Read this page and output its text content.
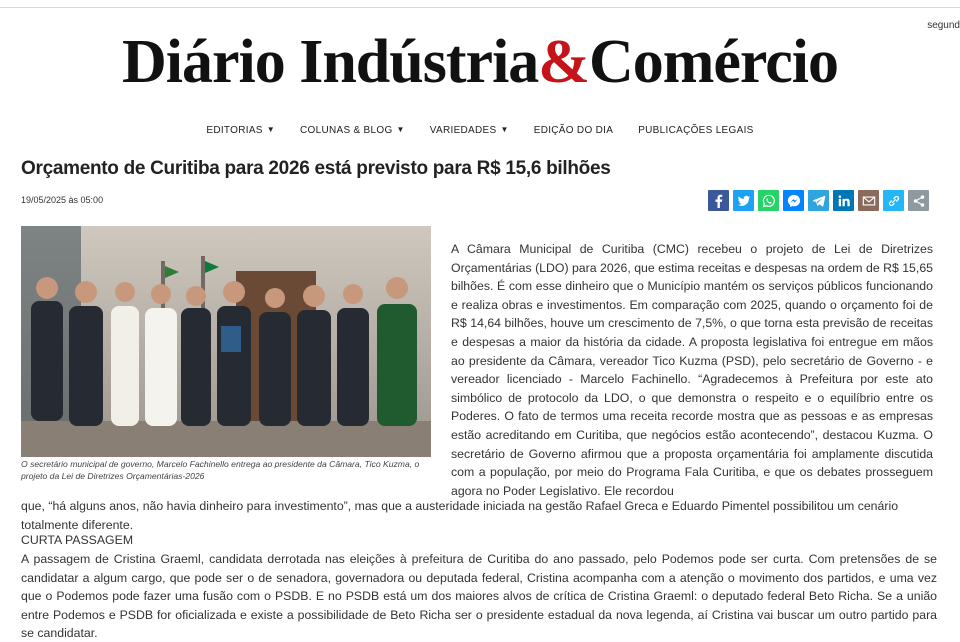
segund
Diário Indústria&Comércio
EDITORIAS ▼	COLUNAS & BLOG ▼	VARIEDADES ▼	EDIÇÃO DO DIA	PUBLICAÇÕES LEGAIS
Orçamento de Curitiba para 2026 está previsto para R$ 15,6 bilhões
19/05/2025 às 05:00
O secretário municipal de governo, Marcelo Fachinello entrega ao presidente da Câmara, Tico Kuzma, o projeto da Lei de Diretrizes Orçamentárias-2026

A Câmara Municipal de Curitiba (CMC) recebeu o projeto de Lei de Diretrizes Orçamentárias (LDO) para 2026, que estima receitas e despesas na ordem de R$ 15,65 bilhões. É com esse dinheiro que o Município mantém os serviços públicos funcionando e realiza obras e investimentos. Em comparação com 2025, quando o orçamento foi de R$ 14,64 bilhões, houve um crescimento de 7,5%, o que torna esta previsão de receitas e despesas a maior da história da cidade. A proposta legislativa foi entregue em mãos ao presidente da Câmara, vereador Tico Kuzma (PSD), pelo secretário de Governo - e vereador licenciado - Marcelo Fachinello. “Agradecemos à Prefeitura por este ato simbólico de protocolo da LDO, o que demonstra o respeito e o equilíbrio entre os Poderes. O fato de termos uma receita recorde mostra que as pessoas e as empresas estão acreditando em Curitiba, que negócios estão acontecendo”, destacou Kuzma. O secretário de Governo afirmou que a proposta orçamentária foi amplamente discutida com a população, por meio do Programa Fala Curitiba, e que os debates prosseguem agora no Poder Legislativo. Ele recordou

que, “há alguns anos, não havia dinheiro para investimento”, mas que a austeridade iniciada na gestão Rafael Greca e Eduardo Pimentel possibilitou um cenário
totalmente diferente.
CURTA PASSAGEM

A passagem de Cristina Graeml, candidata derrotada nas eleições à prefeitura de Curitiba do ano passado, pelo Podemos pode ser curta. Com pretensões de se candidatar a algum cargo, que pode ser o de senadora, governadora ou deputada federal, Cristina acompanha com a atenção o movimento dos partidos, e uma vez que o Podemos pode fazer uma fusão com o PSDB. E no PSDB está um dos maiores alvos de crítica de Cristina Graeml: o deputado federal Beto Richa. Se a união entre Podemos e PSDB for oficializada e existe a possibilidade de Beto Richa ser o presidente estadual da nova legenda, aí Cristina vai buscar um outro partido para se candidatar.
